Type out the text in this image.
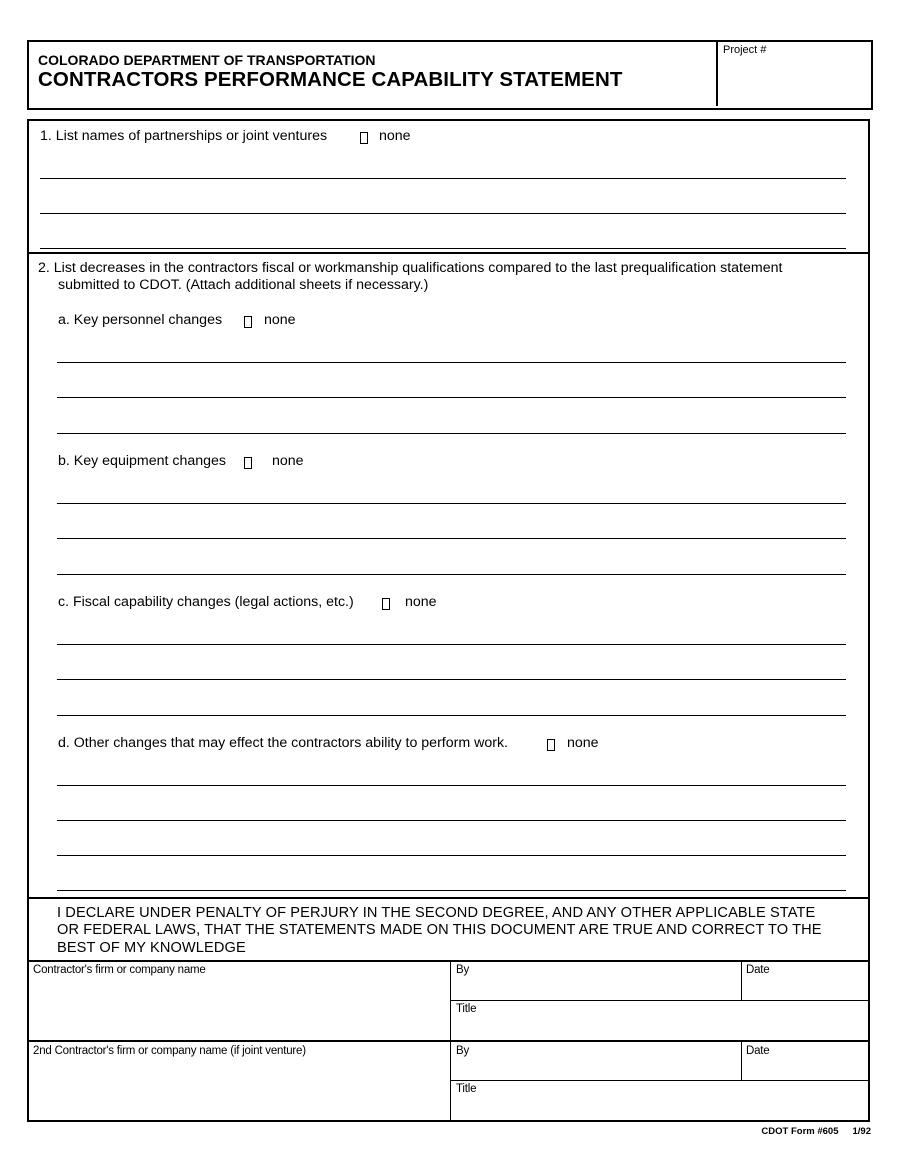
COLORADO DEPARTMENT OF TRANSPORTATION
CONTRACTORS PERFORMANCE CAPABILITY STATEMENT
Project #
1. List names of partnerships or joint ventures	none
2. List decreases in the contractors fiscal or workmanship qualifications compared to the last prequalification statement
submitted to CDOT. (Attach additional sheets if necessary.)
a. Key personnel changes	none
b. Key equipment changes	none
c. Fiscal capability changes (legal actions, etc.)	none
d. Other changes that may effect the contractors ability to perform work.	none
I DECLARE UNDER PENALTY OF PERJURY IN THE SECOND DEGREE, AND ANY OTHER APPLICABLE STATE
OR FEDERAL LAWS, THAT THE STATEMENTS MADE ON THIS DOCUMENT ARE TRUE AND CORRECT TO THE
BEST OF MY KNOWLEDGE
Contractor's firm or company name	By	Date
Title
2nd Contractor's firm or company name (if joint venture)	By	Date
Title
CDOT Form #605 1/92
